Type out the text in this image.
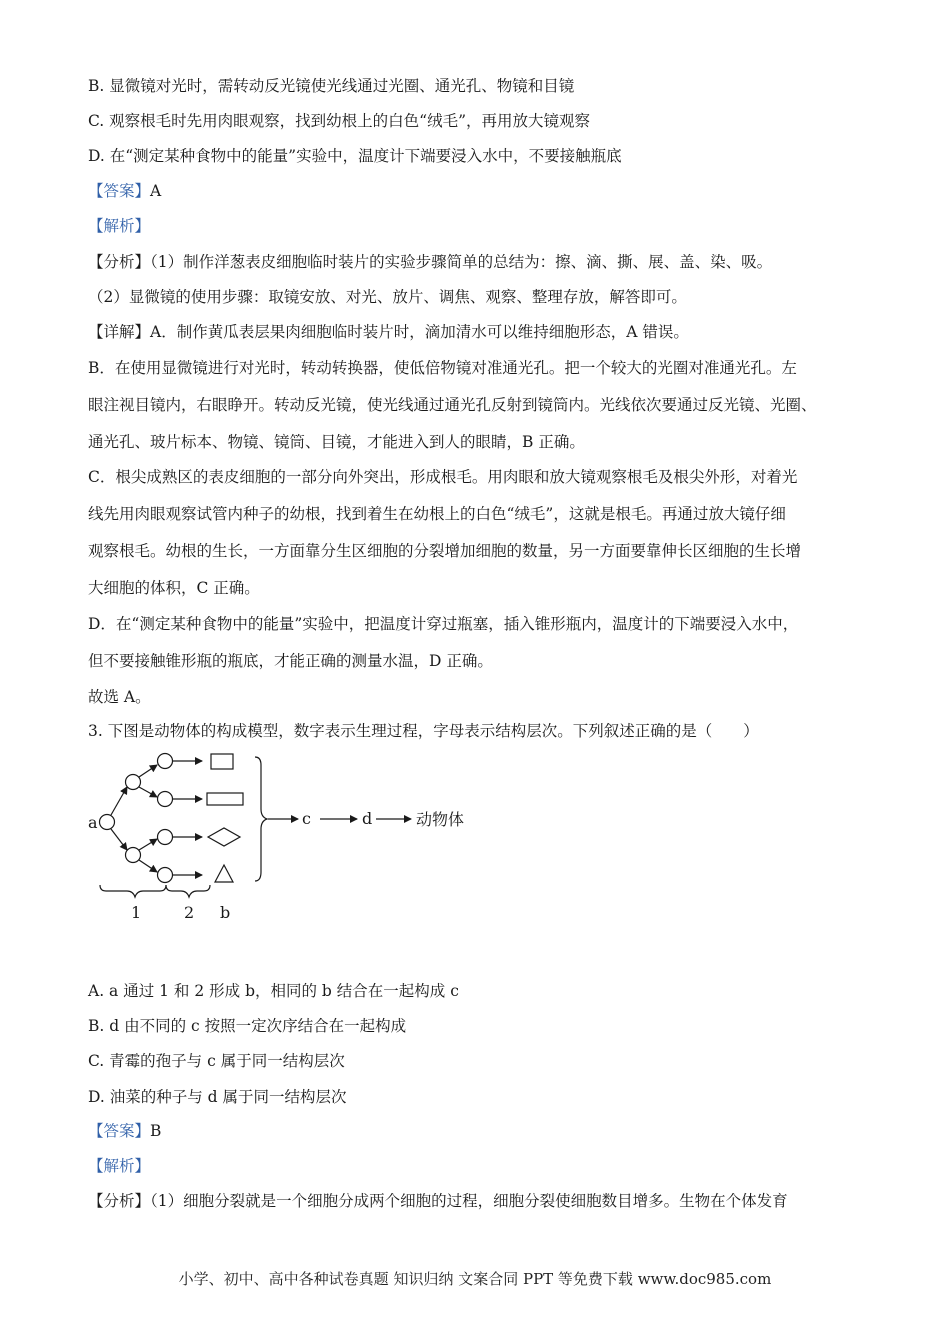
B. 显微镜对光时，需转动反光镜使光线通过光圈、通光孔、物镜和目镜
C. 观察根毛时先用肉眼观察，找到幼根上的白色“绒毛”，再用放大镜观察
D. 在“测定某种食物中的能量”实验中，温度计下端要浸入水中，不要接触瓶底
【答案】A
【解析】
【分析】（1）制作洋葱表皮细胞临时装片的实验步骤简单的总结为：擦、滴、撕、展、盖、染、吸。
（2）显微镜的使用步骤：取镜安放、对光、放片、调焦、观察、整理存放，解答即可。
【详解】A．制作黄瓜表层果肉细胞临时装片时，滴加清水可以维持细胞形态，A 错误。
B．在使用显微镜进行对光时，转动转换器，使低倍物镜对准通光孔。把一个较大的光圈对准通光孔。左
眼注视目镜内，右眼睁开。转动反光镜，使光线通过通光孔反射到镜筒内。光线依次要通过反光镜、光圈、
通光孔、玻片标本、物镜、镜筒、目镜，才能进入到人的眼睛，B 正确。
C．根尖成熟区的表皮细胞的一部分向外突出，形成根毛。用肉眼和放大镜观察根毛及根尖外形，对着光
线先用肉眼观察试管内种子的幼根，找到着生在幼根上的白色“绒毛”，这就是根毛。再通过放大镜仔细
观察根毛。幼根的生长，一方面靠分生区细胞的分裂增加细胞的数量，另一方面要靠伸长区细胞的生长增
大细胞的体积，C 正确。
D．在“测定某种食物中的能量”实验中，把温度计穿过瓶塞，插入锥形瓶内，温度计的下端要浸入水中，
但不要接触锥形瓶的瓶底，才能正确的测量水温，D 正确。
故选 A。
3. 下图是动物体的构成模型，数字表示生理过程，字母表示结构层次。下列叙述正确的是（　　）
a	c	d	动物体
1	2 b
A. a 通过 1 和 2 形成 b，相同的 b 结合在一起构成 c
B. d 由不同的 c 按照一定次序结合在一起构成
C. 青霉的孢子与 c 属于同一结构层次
D. 油菜的种子与 d 属于同一结构层次
【答案】B
【解析】
【分析】（1）细胞分裂就是一个细胞分成两个细胞的过程，细胞分裂使细胞数目增多。生物在个体发育
小学、初中、高中各种试卷真题 知识归纳 文案合同 PPT 等免费下载 www.doc985.com
